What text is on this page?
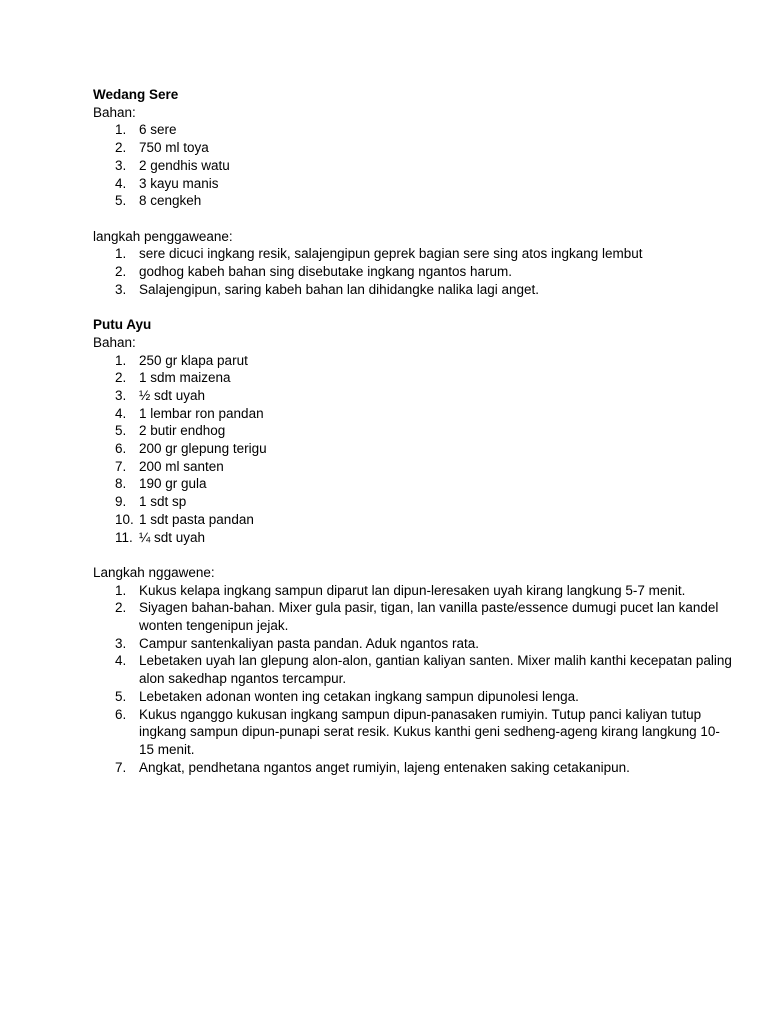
Wedang Sere

Bahan:

1. 6 sere
2. 750 ml toya
3. 2 gendhis watu
4. 3 kayu manis
5. 8 cengkeh

langkah penggaweane:

1. sere dicuci ingkang resik, salajengipun geprek bagian sere sing atos ingkang lembut
2. godhog kabeh bahan sing disebutake ingkang ngantos harum.
3. Salajengipun, saring kabeh bahan lan dihidangke nalika lagi anget.

Putu Ayu

Bahan:

1. 250 gr klapa parut
2. 1 sdm maizena
3. ½ sdt uyah
4. 1 lembar ron pandan
5. 2 butir endhog
6. 200 gr glepung terigu
7. 200 ml santen
8. 190 gr gula
9. 1 sdt sp
10. 1 sdt pasta pandan
11. ¼ sdt uyah

Langkah nggawene:

1. Kukus kelapa ingkang sampun diparut lan dipun-leresaken uyah kirang langkung 5-7 menit.
2. Siyagen bahan-bahan. Mixer gula pasir, tigan, lan vanilla paste/essence dumugi pucet lan kandel wonten tengenipun jejak.
3. Campur santenkaliyan pasta pandan. Aduk ngantos rata.
4. Lebetaken uyah lan glepung alon-alon, gantian kaliyan santen. Mixer malih kanthi kecepatan paling alon sakedhap ngantos tercampur.
5. Lebetaken adonan wonten ing cetakan ingkang sampun dipunolesi lenga.
6. Kukus nganggo kukusan ingkang sampun dipun-panasaken rumiyin. Tutup panci kaliyan tutup ingkang sampun dipun-punapi serat resik. Kukus kanthi geni sedheng-ageng kirang langkung 10-15 menit.
7. Angkat, pendhetana ngantos anget rumiyin, lajeng entenaken saking cetakanipun.
